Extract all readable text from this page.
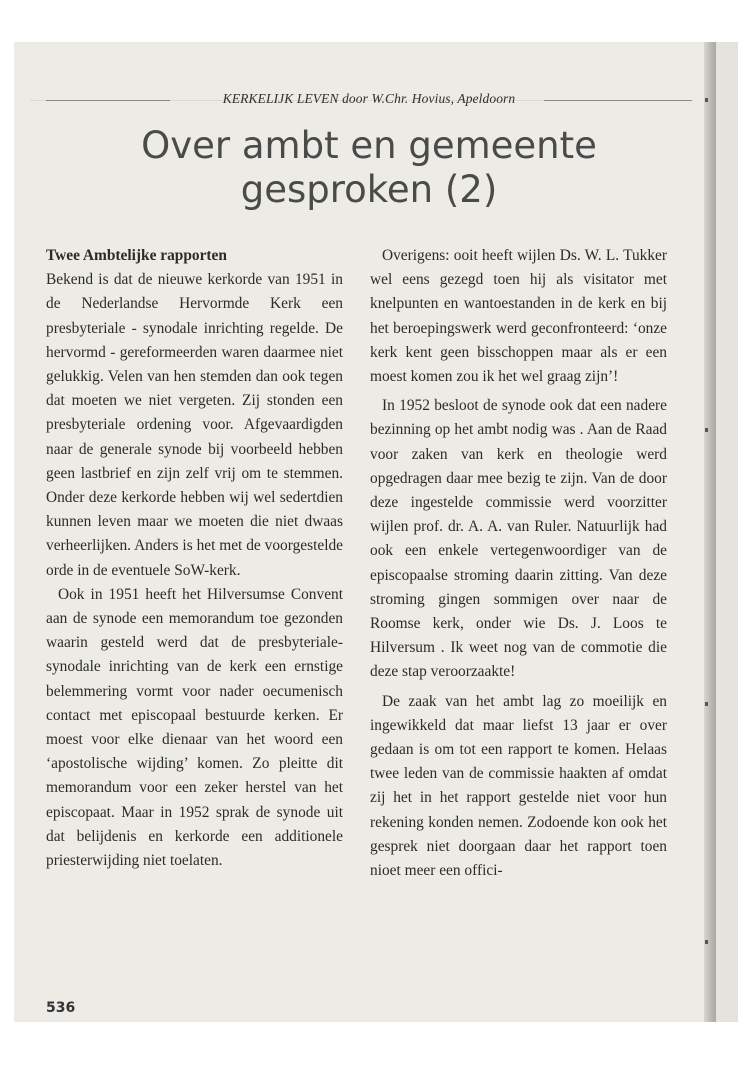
KERKELIJK LEVEN door W.Chr. Hovius, Apeldoorn
Over ambt en gemeente
gesproken (2)

Twee Ambtelijke rapporten

Bekend is dat de nieuwe kerkorde van 1951 in de Nederlandse Hervormde Kerk een presbyteriale - synodale inrichting regelde. De hervormd - gereformeerden waren daarmee niet gelukkig. Velen van hen stemden dan ook tegen dat moeten we niet vergeten. Zij stonden een presbyteriale ordening voor. Afgevaardigden naar de generale synode bij voorbeeld hebben geen lastbrief en zijn zelf vrij om te stemmen. Onder deze kerkorde hebben wij wel sedertdien kunnen leven maar we moeten die niet dwaas verheerlijken. Anders is het met de voorgestelde orde in de eventuele SoW-kerk.

Ook in 1951 heeft het Hilversumse Convent aan de synode een memorandum toe gezonden waarin gesteld werd dat de presbyteriale-synodale inrichting van de kerk een ernstige belemmering vormt voor nader oecumenisch contact met episcopaal bestuurde kerken. Er moest voor elke dienaar van het woord een ‘apostolische wijding’ komen. Zo pleitte dit memorandum voor een zeker herstel van het episcopaat. Maar in 1952 sprak de synode uit dat belijdenis en kerkorde een additionele priesterwijding niet toelaten.

Overigens: ooit heeft wijlen Ds. W. L. Tukker wel eens gezegd toen hij als visitator met knelpunten en wantoestanden in de kerk en bij het beroepingswerk werd geconfronteerd: ‘onze kerk kent geen bisschoppen maar als er een moest komen zou ik het wel graag zijn’!

In 1952 besloot de synode ook dat een nadere bezinning op het ambt nodig was . Aan de Raad voor zaken van kerk en theologie werd opgedragen daar mee bezig te zijn. Van de door deze ingestelde commissie werd voorzitter wijlen prof. dr. A. A. van Ruler. Natuurlijk had ook een enkele vertegenwoordiger van de episcopaalse stroming daarin zitting. Van deze stroming gingen sommigen over naar de Roomse kerk, onder wie Ds. J. Loos te Hilversum . Ik weet nog van de commotie die deze stap veroorzaakte!

De zaak van het ambt lag zo moeilijk en ingewikkeld dat maar liefst 13 jaar er over gedaan is om tot een rapport te komen. Helaas twee leden van de commissie haakten af omdat zij het in het rapport gestelde niet voor hun rekening konden nemen. Zodoende kon ook het gesprek niet doorgaan daar het rapport toen nioet meer een offici-

536
